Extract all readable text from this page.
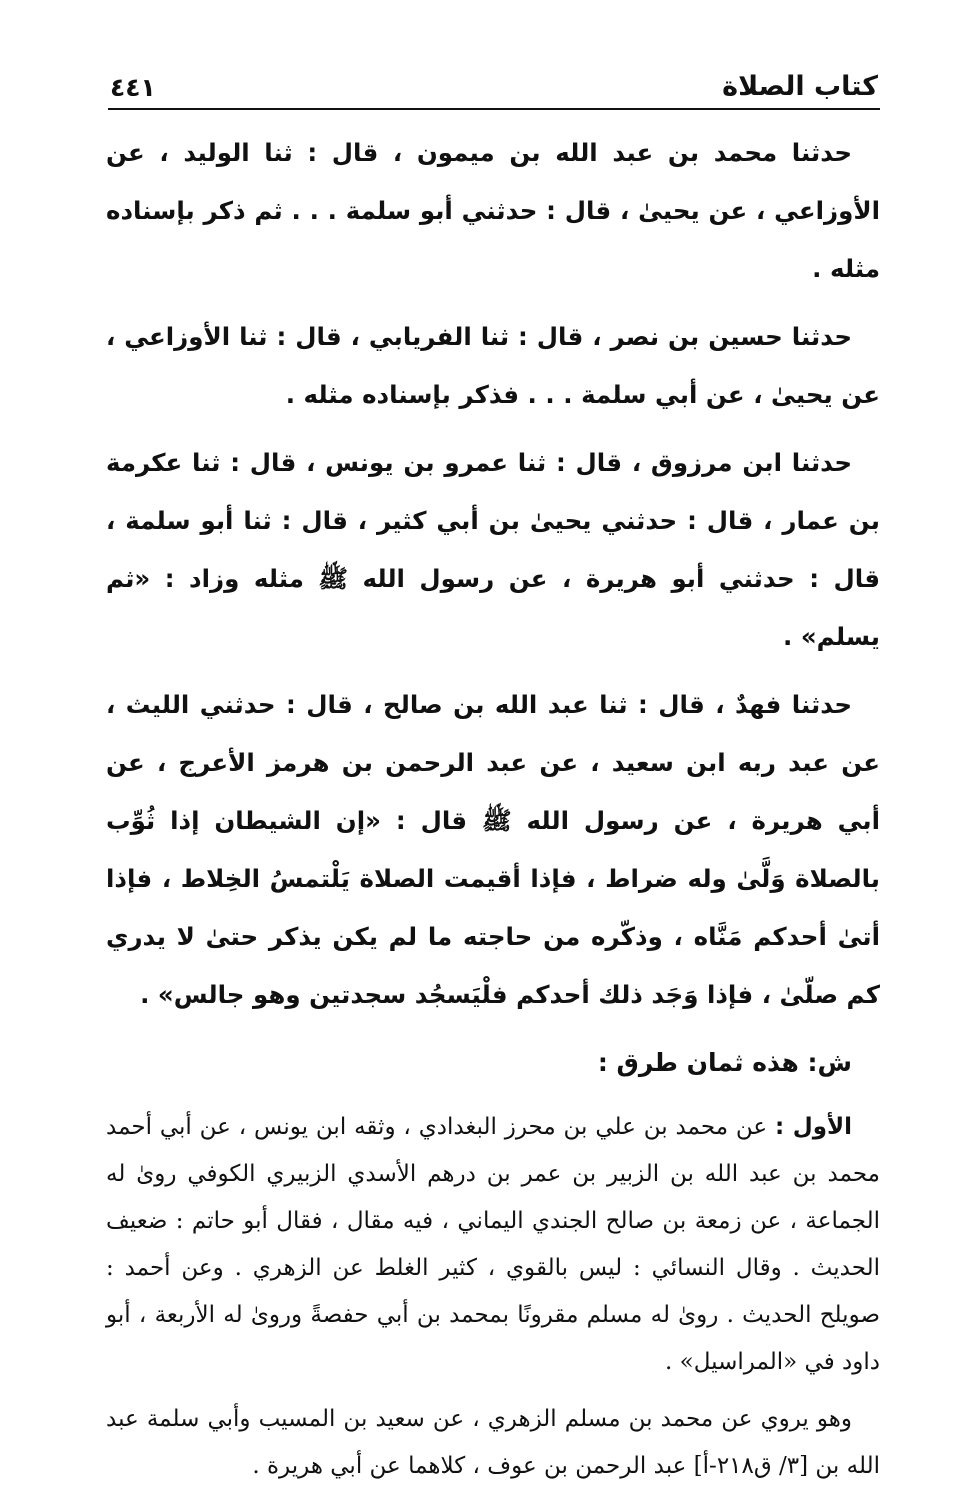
كتاب الصلاة
٤٤١

حدثنا محمد بن عبد الله بن ميمون ، قال : ثنا الوليد ، عن الأوزاعي ، عن يحيىٰ ، قال : حدثني أبو سلمة . . . ثم ذكر بإسناده مثله .

حدثنا حسين بن نصر ، قال : ثنا الفريابي ، قال : ثنا الأوزاعي ، عن يحيىٰ ، عن أبي سلمة . . . فذكر بإسناده مثله .

حدثنا ابن مرزوق ، قال : ثنا عمرو بن يونس ، قال : ثنا عكرمة بن عمار ، قال : حدثني يحيىٰ بن أبي كثير ، قال : ثنا أبو سلمة ، قال : حدثني أبو هريرة ، عن رسول الله ﷺ مثله وزاد : «ثم يسلم» .

حدثنا فهدٌ ، قال : ثنا عبد الله بن صالح ، قال : حدثني الليث ، عن عبد ربه ابن سعيد ، عن عبد الرحمن بن هرمز الأعرج ، عن أبي هريرة ، عن رسول الله ﷺ قال : «إن الشيطان إذا ثُوِّب بالصلاة وَلَّىٰ وله ضراط ، فإذا أقيمت الصلاة يَلْتمسُ الخِلاط ، فإذا أتىٰ أحدكم مَنَّاه ، وذكّره من حاجته ما لم يكن يذكر حتىٰ لا يدري كم صلّىٰ ، فإذا وَجَد ذلك أحدكم فلْيَسجُد سجدتين وهو جالس» .

ش: هذه ثمان طرق :

الأول : عن محمد بن علي بن محرز البغدادي ، وثقه ابن يونس ، عن أبي أحمد محمد بن عبد الله بن الزبير بن عمر بن درهم الأسدي الزبيري الكوفي روىٰ له الجماعة ، عن زمعة بن صالح الجندي اليماني ، فيه مقال ، فقال أبو حاتم : ضعيف الحديث . وقال النسائي : ليس بالقوي ، كثير الغلط عن الزهري . وعن أحمد : صويلح الحديث . روىٰ له مسلم مقرونًا بمحمد بن أبي حفصةً وروىٰ له الأربعة ، أبو داود في «المراسيل» .

وهو يروي عن محمد بن مسلم الزهري ، عن سعيد بن المسيب وأبي سلمة عبد الله بن [٣/ ق٢١٨-أ] عبد الرحمن بن عوف ، كلاهما عن أبي هريرة .
